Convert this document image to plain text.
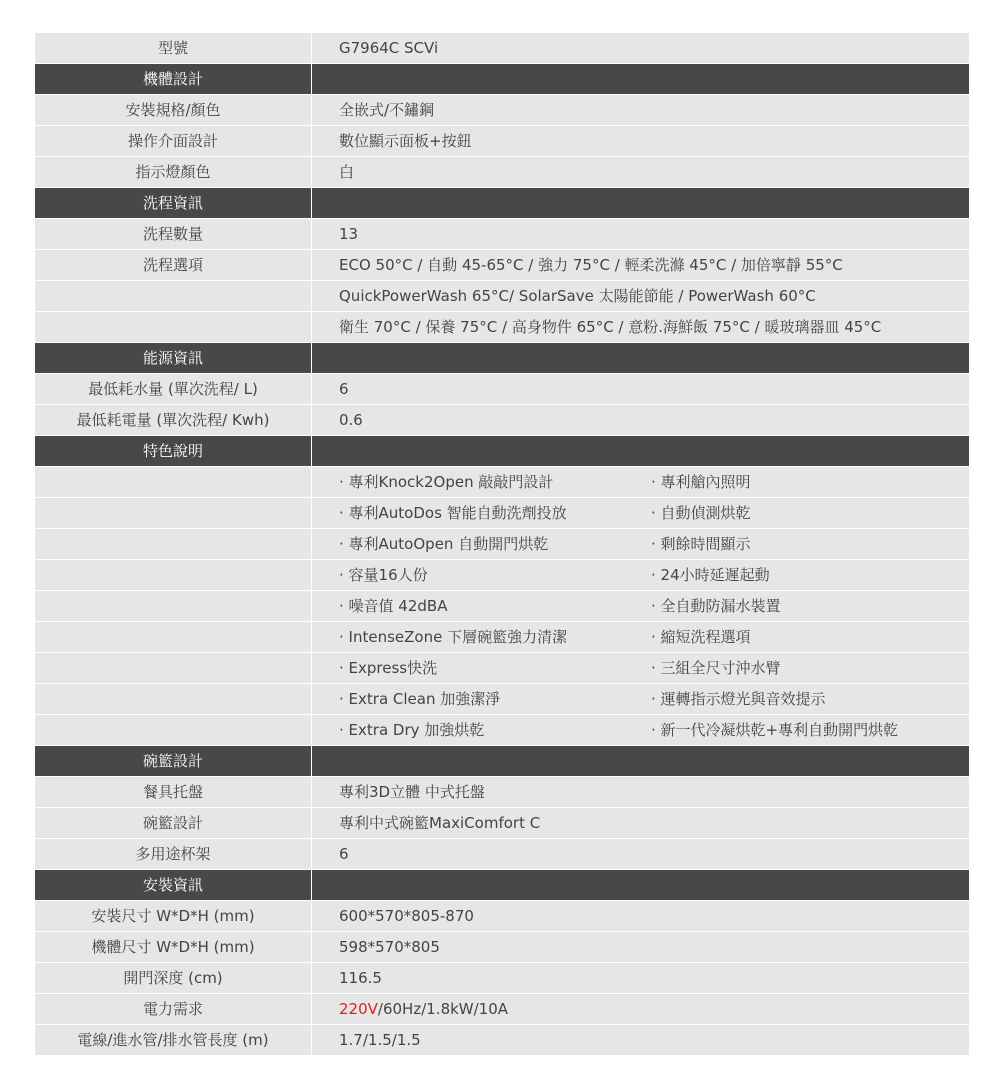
型號	G7964C SCVi
機體設計
安裝規格/顏色	全嵌式/不鏽鋼
操作介面設計	數位顯示面板+按鈕
指示燈顏色	白
洗程資訊
洗程數量	13
洗程選項	ECO 50°C / 自動 45-65°C / 強力 75°C / 輕柔洗滌 45°C / 加倍寧靜 55°C
QuickPowerWash 65°C/ SolarSave 太陽能節能 / PowerWash 60°C
衛生 70°C / 保養 75°C / 高身物件 65°C / 意粉.海鮮飯 75°C / 暖玻璃器皿 45°C
能源資訊
最低耗水量 (單次洗程/ L)	6
最低耗電量 (單次洗程/ Kwh)	0.6
特色說明
· 專利Knock2Open 敲敲門設計	· 專利艙內照明
· 專利AutoDos 智能自動洗劑投放	· 自動偵測烘乾
· 專利AutoOpen 自動開門烘乾	· 剩餘時間顯示
· 容量16人份	· 24小時延遲起動
· 噪音值 42dBA	· 全自動防漏水裝置
· IntenseZone 下層碗籃強力清潔	· 縮短洗程選項
· Express快洗	· 三組全尺寸沖水臂
· Extra Clean 加強潔淨	· 運轉指示燈光與音效提示
· Extra Dry 加強烘乾	· 新一代冷凝烘乾+專利自動開門烘乾
碗籃設計
餐具托盤	專利3D立體 中式托盤
碗籃設計	專利中式碗籃MaxiComfort C
多用途杯架	6
安裝資訊
安裝尺寸 W*D*H (mm)	600*570*805-870
機體尺寸 W*D*H (mm)	598*570*805
開門深度 (cm)	116.5
電力需求	220V/60Hz/1.8kW/10A
電線/進水管/排水管長度 (m)	1.7/1.5/1.5
